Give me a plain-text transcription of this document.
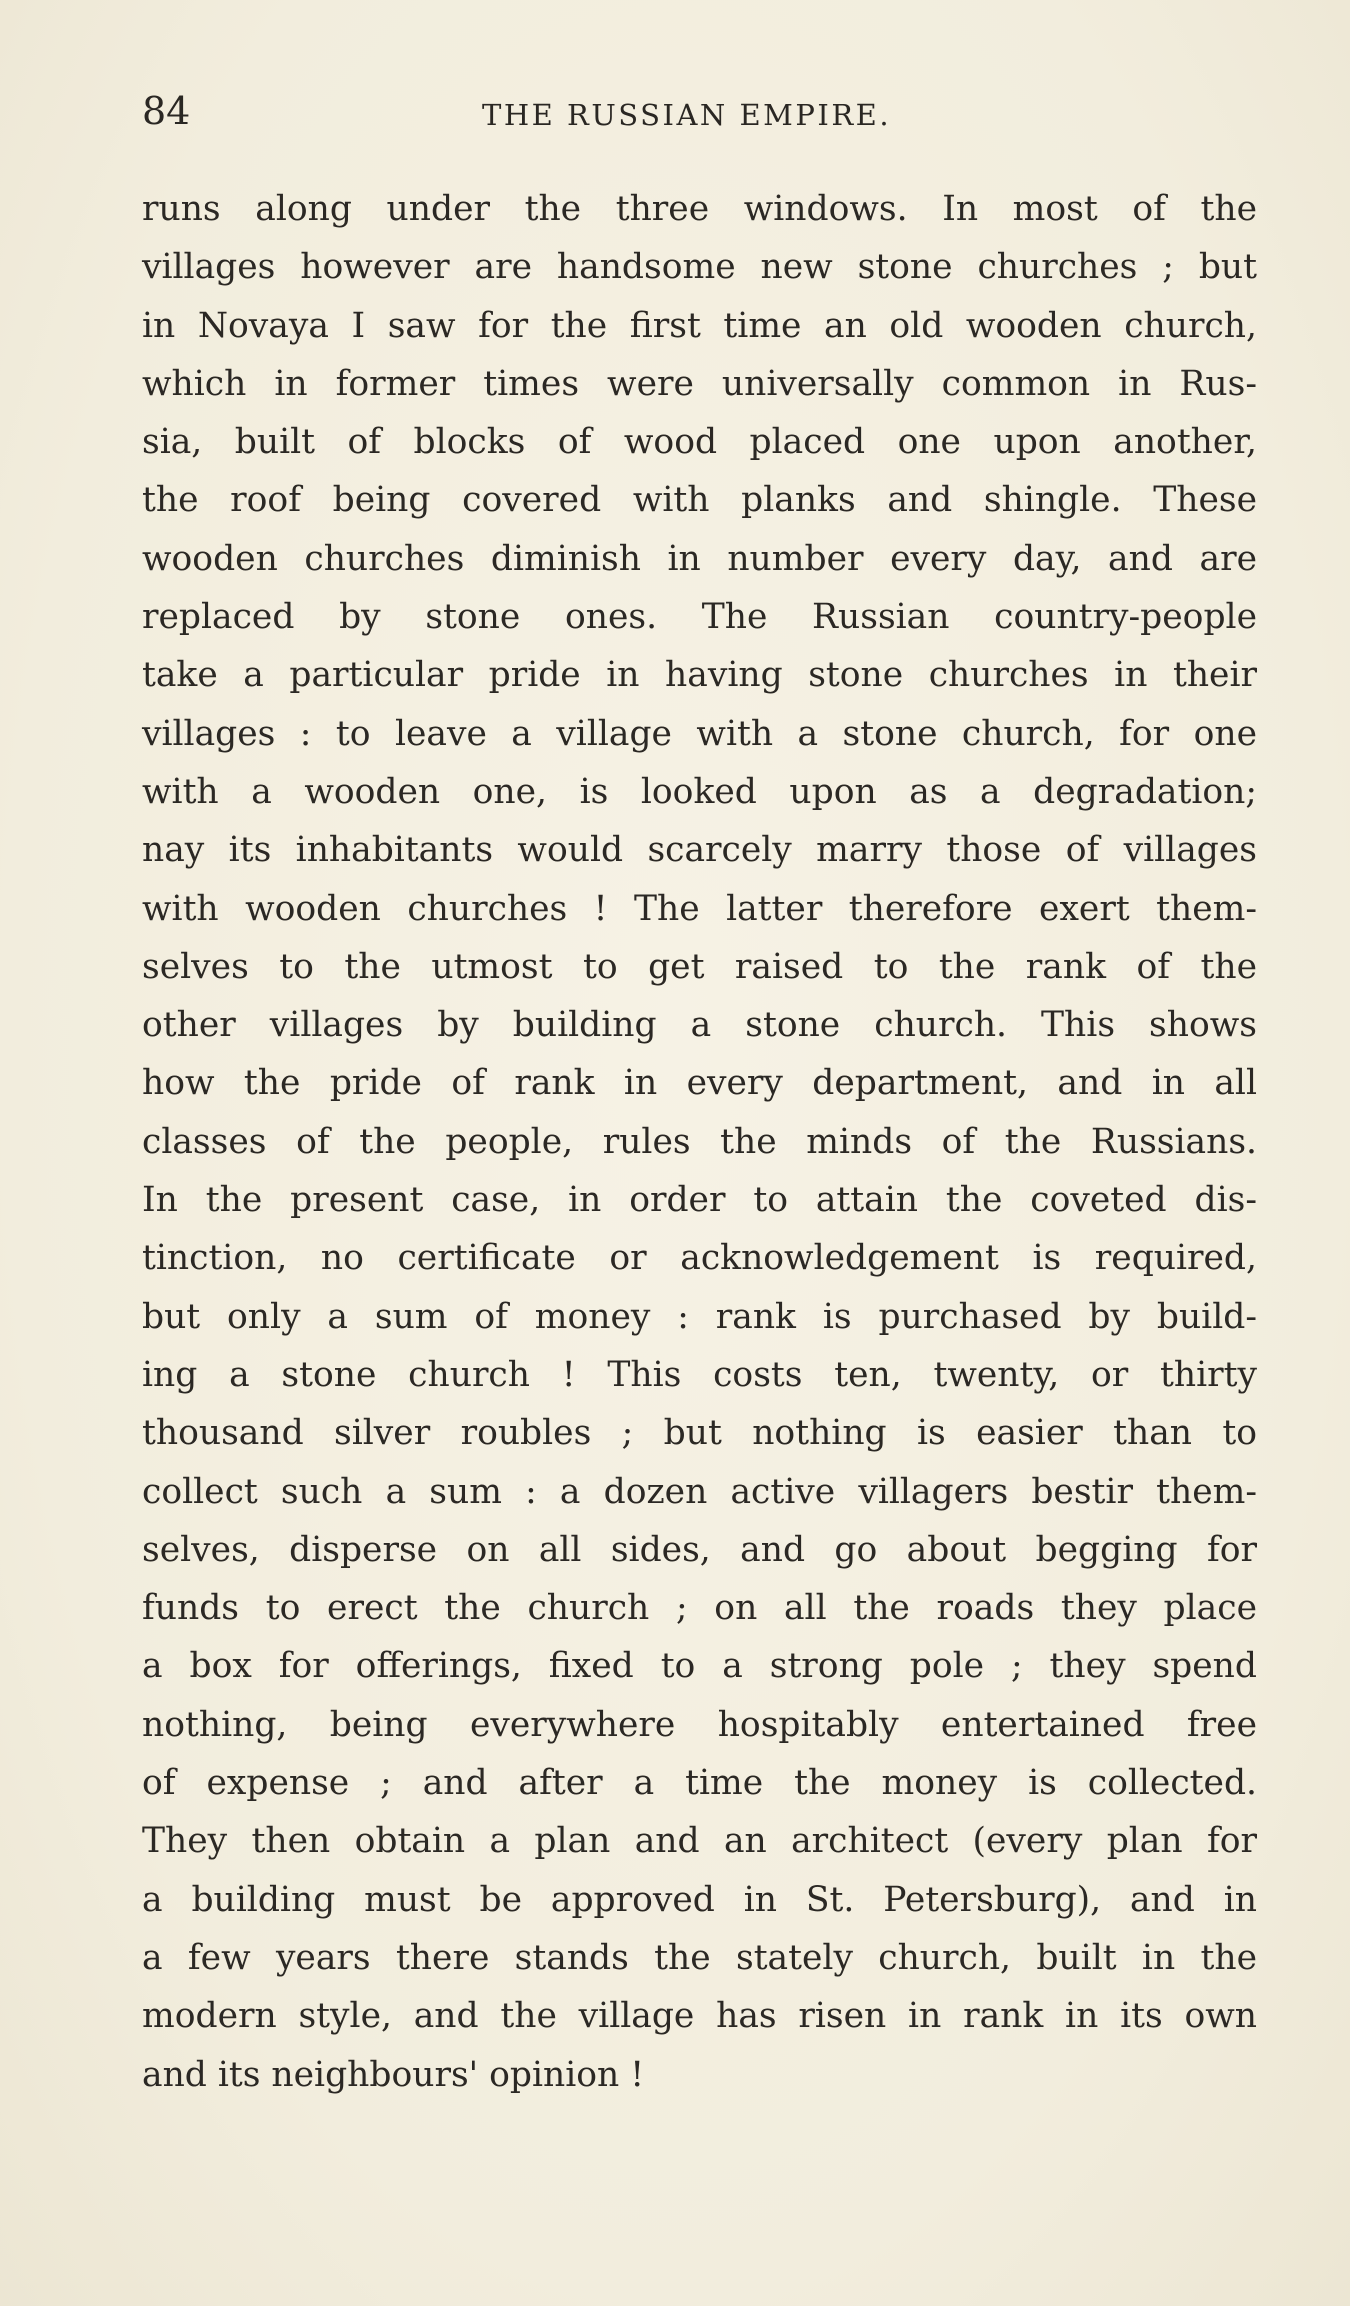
84	THE RUSSIAN EMPIRE.
runs along under the three windows. In most of the
villages however are handsome new stone churches ; but
in Novaya I saw for the first time an old wooden church,
which in former times were universally common in Rus-
sia, built of blocks of wood placed one upon another,
the roof being covered with planks and shingle. These
wooden churches diminish in number every day, and are
replaced by stone ones. The Russian country-people
take a particular pride in having stone churches in their
villages : to leave a village with a stone church, for one
with a wooden one, is looked upon as a degradation;
nay its inhabitants would scarcely marry those of villages
with wooden churches ! The latter therefore exert them-
selves to the utmost to get raised to the rank of the
other villages by building a stone church. This shows
how the pride of rank in every department, and in all
classes of the people, rules the minds of the Russians.
In the present case, in order to attain the coveted dis-
tinction, no certificate or acknowledgement is required,
but only a sum of money : rank is purchased by build-
ing a stone church ! This costs ten, twenty, or thirty
thousand silver roubles ; but nothing is easier than to
collect such a sum : a dozen active villagers bestir them-
selves, disperse on all sides, and go about begging for
funds to erect the church ; on all the roads they place
a box for offerings, fixed to a strong pole ; they spend
nothing, being everywhere hospitably entertained free
of expense ; and after a time the money is collected.
They then obtain a plan and an architect (every plan for
a building must be approved in St. Petersburg), and in
a few years there stands the stately church, built in the
modern style, and the village has risen in rank in its own
and its neighbours' opinion !
